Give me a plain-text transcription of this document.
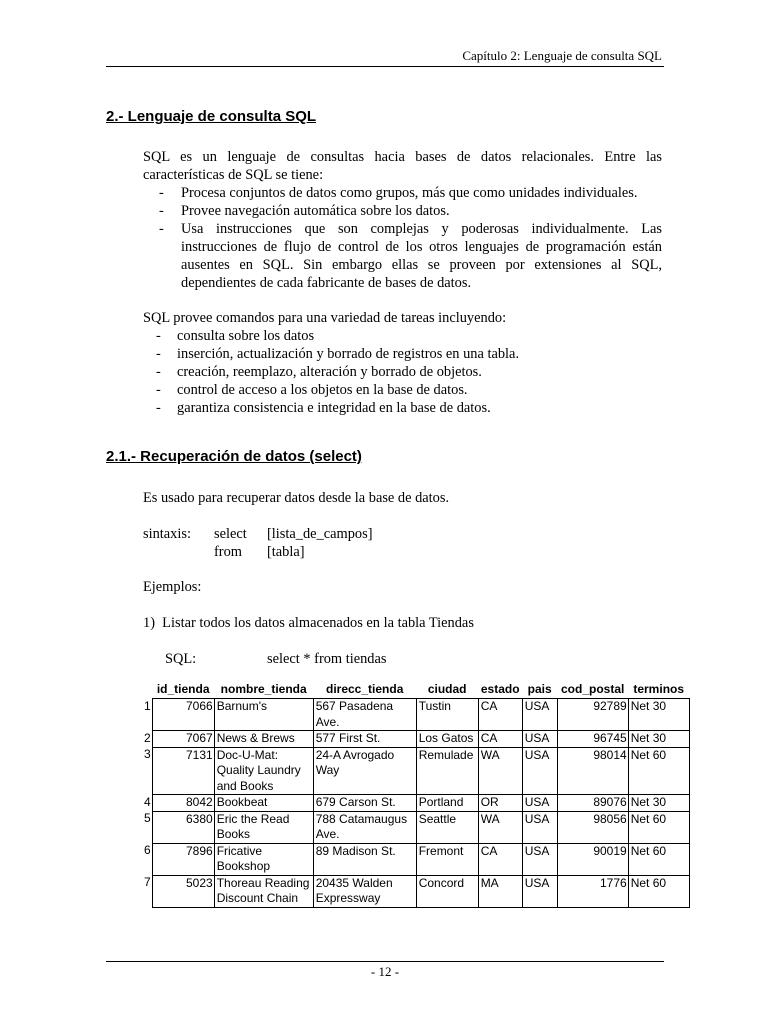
Capítulo 2: Lenguaje de consulta SQL
2.- Lenguaje de consulta SQL

SQL es un lenguaje de consultas hacia bases de datos relacionales. Entre las características de SQL se tiene:

- Procesa conjuntos de datos como grupos, más que como unidades individuales.
- Provee navegación automática sobre los datos.
- Usa instrucciones que son complejas y poderosas individualmente. Las instrucciones de flujo de control de los otros lenguajes de programación están ausentes en SQL. Sin embargo ellas se proveen por extensiones al SQL, dependientes de cada fabricante de bases de datos.

SQL provee comandos para una variedad de tareas incluyendo:

- consulta sobre los datos
- inserción, actualización y borrado de registros en una tabla.
- creación, reemplazo, alteración y borrado de objetos.
- control de acceso a los objetos en la base de datos.
- garantiza consistencia e integridad en la base de datos.
2.1.- Recuperación de datos (select)
Es usado para recuperar datos desde la base de datos.
sintaxis: select [lista_de_campos]
from [tabla]
Ejemplos:
1)  Listar todos los datos almacenados en la tabla Tiendas
SQL:	select * from tiendas
	id_tienda	nombre_tienda	direcc_tienda	ciudad	estado	pais	cod_postal	terminos
1	7066	Barnum's	567 Pasadena Ave.	Tustin	CA	USA	92789	Net 30
2	7067	News & Brews	577 First St.	Los Gatos	CA	USA	96745	Net 30
3	7131	Doc-U-Mat: Quality Laundry and Books	24-A Avrogado Way	Remulade	WA	USA	98014	Net 60
4	8042	Bookbeat	679 Carson St.	Portland	OR	USA	89076	Net 30
5	6380	Eric the Read Books	788 Catamaugus Ave.	Seattle	WA	USA	98056	Net 60
6	7896	Fricative Bookshop	89 Madison St.	Fremont	CA	USA	90019	Net 60
7	5023	Thoreau Reading Discount Chain	20435 Walden Expressway	Concord	MA	USA	1776	Net 60
- 12 -
